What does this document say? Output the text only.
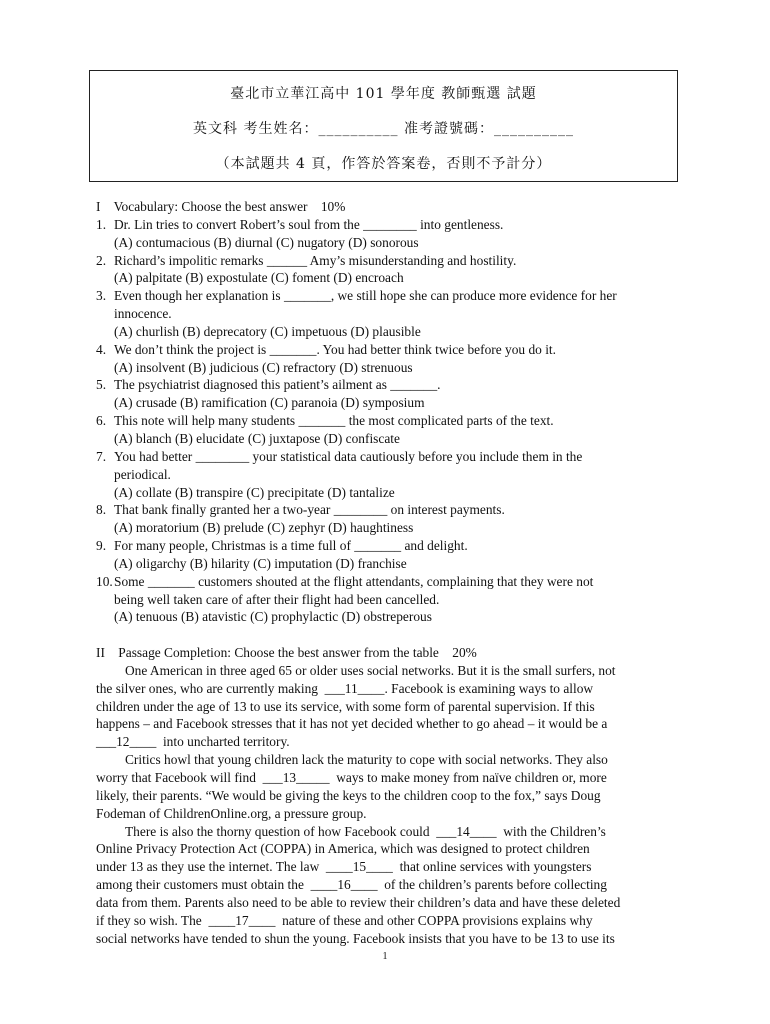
臺北市立華江高中 101 學年度 教師甄選 試題
英文科 考生姓名：__________ 准考證號碼：__________
（本試題共 4 頁，作答於答案卷，否則不予計分）

I    Vocabulary: Choose the best answer    10%

1. Dr. Lin tries to convert Robert’s soul from the ________ into gentleness.

(A) contumacious (B) diurnal (C) nugatory (D) sonorous

2. Richard’s impolitic remarks ______ Amy’s misunderstanding and hostility.

(A) palpitate (B) expostulate (C) foment (D) encroach

3. Even though her explanation is _______, we still hope she can produce more evidence for her

innocence.

(A) churlish (B) deprecatory (C) impetuous (D) plausible

4. We don’t think the project is _______. You had better think twice before you do it.

(A) insolvent (B) judicious (C) refractory (D) strenuous

5. The psychiatrist diagnosed this patient’s ailment as _______.

(A) crusade (B) ramification (C) paranoia (D) symposium

6. This note will help many students _______ the most complicated parts of the text.

(A) blanch (B) elucidate (C) juxtapose (D) confiscate

7. You had better ________ your statistical data cautiously before you include them in the

periodical.

(A) collate (B) transpire (C) precipitate (D) tantalize

8. That bank finally granted her a two-year ________ on interest payments.

(A) moratorium (B) prelude (C) zephyr (D) haughtiness

9. For many people, Christmas is a time full of _______ and delight.

(A) oligarchy (B) hilarity (C) imputation (D) franchise

10.Some _______ customers shouted at the flight attendants, complaining that they were not

being well taken care of after their flight had been cancelled.

(A) tenuous (B) atavistic (C) prophylactic (D) obstreperous

II    Passage Completion: Choose the best answer from the table    20%

One American in three aged 65 or older uses social networks. But it is the small surfers, not

the silver ones, who are currently making  ___11____. Facebook is examining ways to allow

children under the age of 13 to use its service, with some form of parental supervision. If this

happens – and Facebook stresses that it has not yet decided whether to go ahead – it would be a

___12____  into uncharted territory.

Critics howl that young children lack the maturity to cope with social networks. They also

worry that Facebook will find  ___13_____  ways to make money from naïve children or, more

likely, their parents. “We would be giving the keys to the children coop to the fox,” says Doug

Fodeman of ChildrenOnline.org, a pressure group.

There is also the thorny question of how Facebook could  ___14____  with the Children’s

Online Privacy Protection Act (COPPA) in America, which was designed to protect children

under 13 as they use the internet. The law  ____15____  that online services with youngsters

among their customers must obtain the  ____16____  of the children’s parents before collecting

data from them. Parents also need to be able to review their children’s data and have these deleted

if they so wish. The  ____17____  nature of these and other COPPA provisions explains why

social networks have tended to shun the young. Facebook insists that you have to be 13 to use its

1
